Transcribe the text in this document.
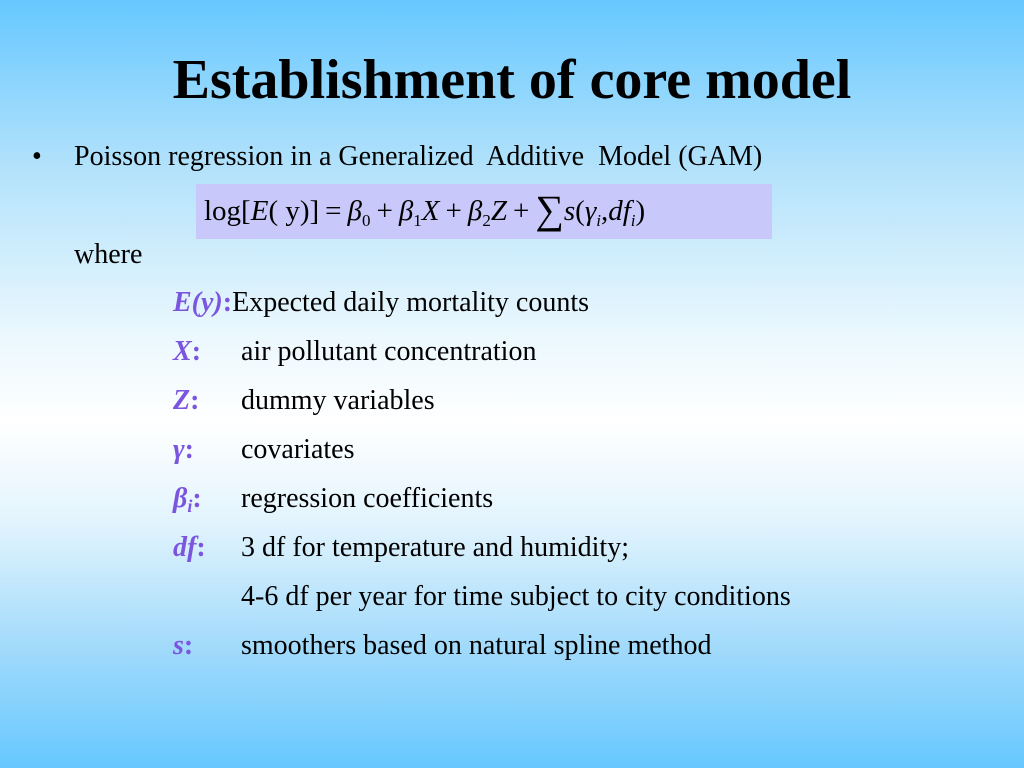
Establishment of core model
• Poisson regression in a Generalized  Additive  Model (GAM)
log[E( $y)] = \beta_0 + \beta_1X + \beta_2Z + \sum s(\gamma_i,df_i)$
where
E(y):Expected daily mortality counts
X: air pollutant concentration
Z: dummy variables
γ: covariates
$\beta_i$: regression coefficients
df: 3 df for temperature and humidity;
4-6 df per year for time subject to city conditions
s: smoothers based on natural spline method
